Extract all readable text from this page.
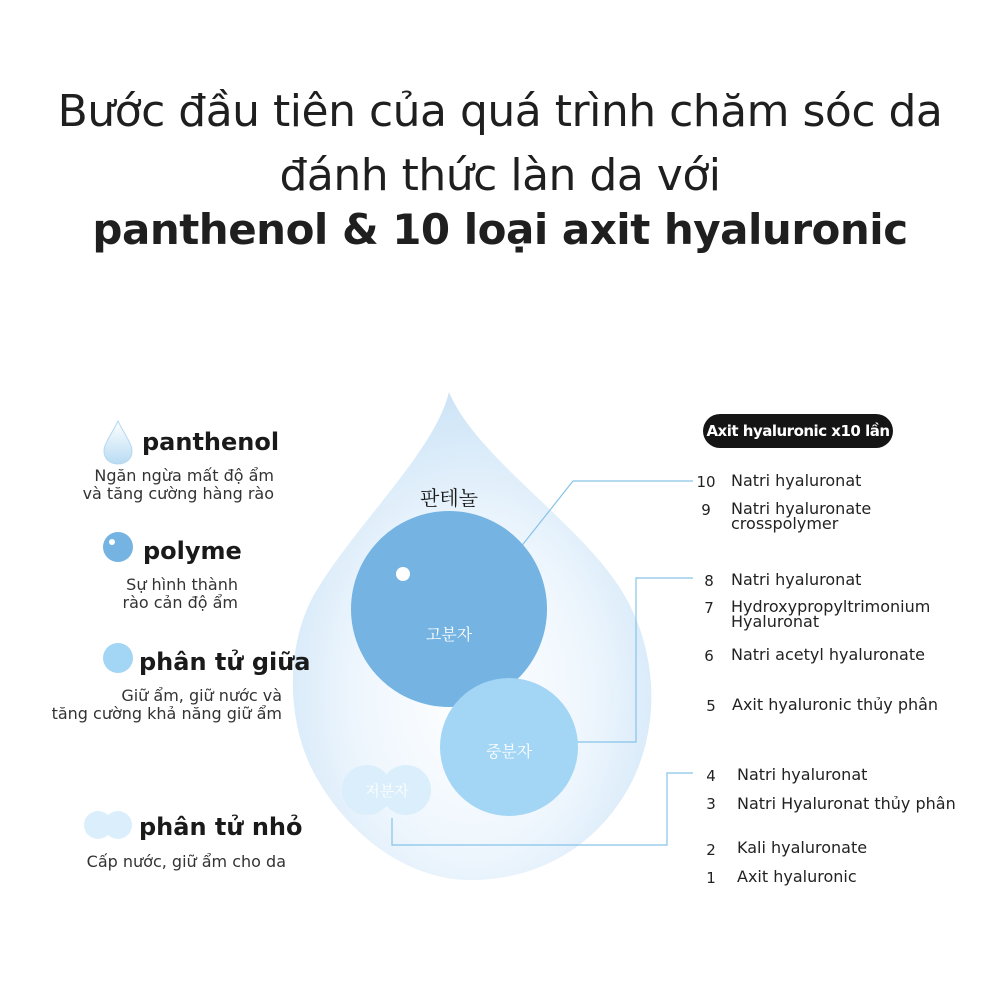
Bước đầu tiên của quá trình chăm sóc da
đánh thức làn da với
panthenol & 10 loại axit hyaluronic
판테놀
고분자
중분자
저분자
panthenol
Ngăn ngừa mất độ ẩm
và tăng cường hàng rào
polyme
Sự hình thành
rào cản độ ẩm
phân tử giữa
Giữ ẩm, giữ nước và
tăng cường khả năng giữ ẩm
phân tử nhỏ
Cấp nước, giữ ẩm cho da
Axit hyaluronic x10 lần
10 Natri hyaluronat
9	Natri hyaluronate
crosspolymer
8	Natri hyaluronat
7	Hydroxypropyltrimonium
Hyaluronat
6	Natri acetyl hyaluronate
5	Axit hyaluronic thủy phân
4	Natri hyaluronat
3	Natri Hyaluronat thủy phân
2	Kali hyaluronate
1	Axit hyaluronic
